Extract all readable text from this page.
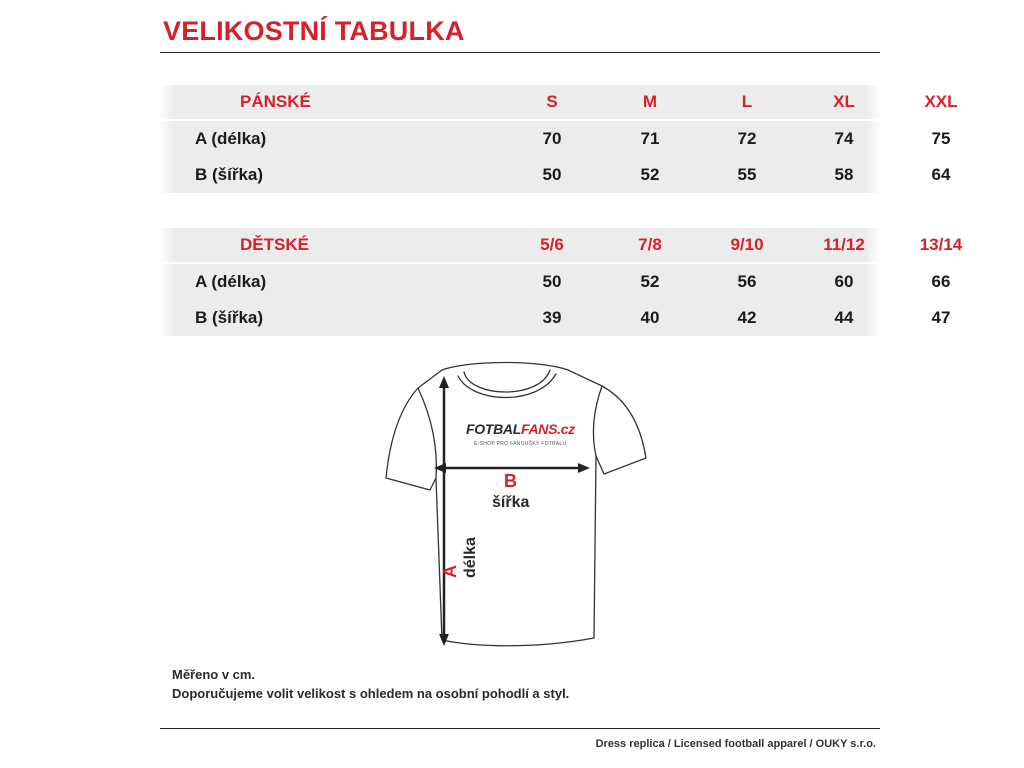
VELIKOSTNÍ TABULKA
PÁNSKÉ	S	M	L	XL	XXL
A (délka)	70	71	72	74	75
B (šířka)	50	52	55	58	64
DĚTSKÉ	5/6	7/8	9/10	11/12	13/14
A (délka)	50	52	56	60	66
B (šířka)	39	40	42	44	47
FOTBALFANS.cz
E-SHOP PRO FANOUŠKY FOTBALU
B
šířka
A délka
Měřeno v cm.
Doporučujeme volit velikost s ohledem na osobní pohodlí a styl.
Dress replica / Licensed football apparel / OUKY s.r.o.
